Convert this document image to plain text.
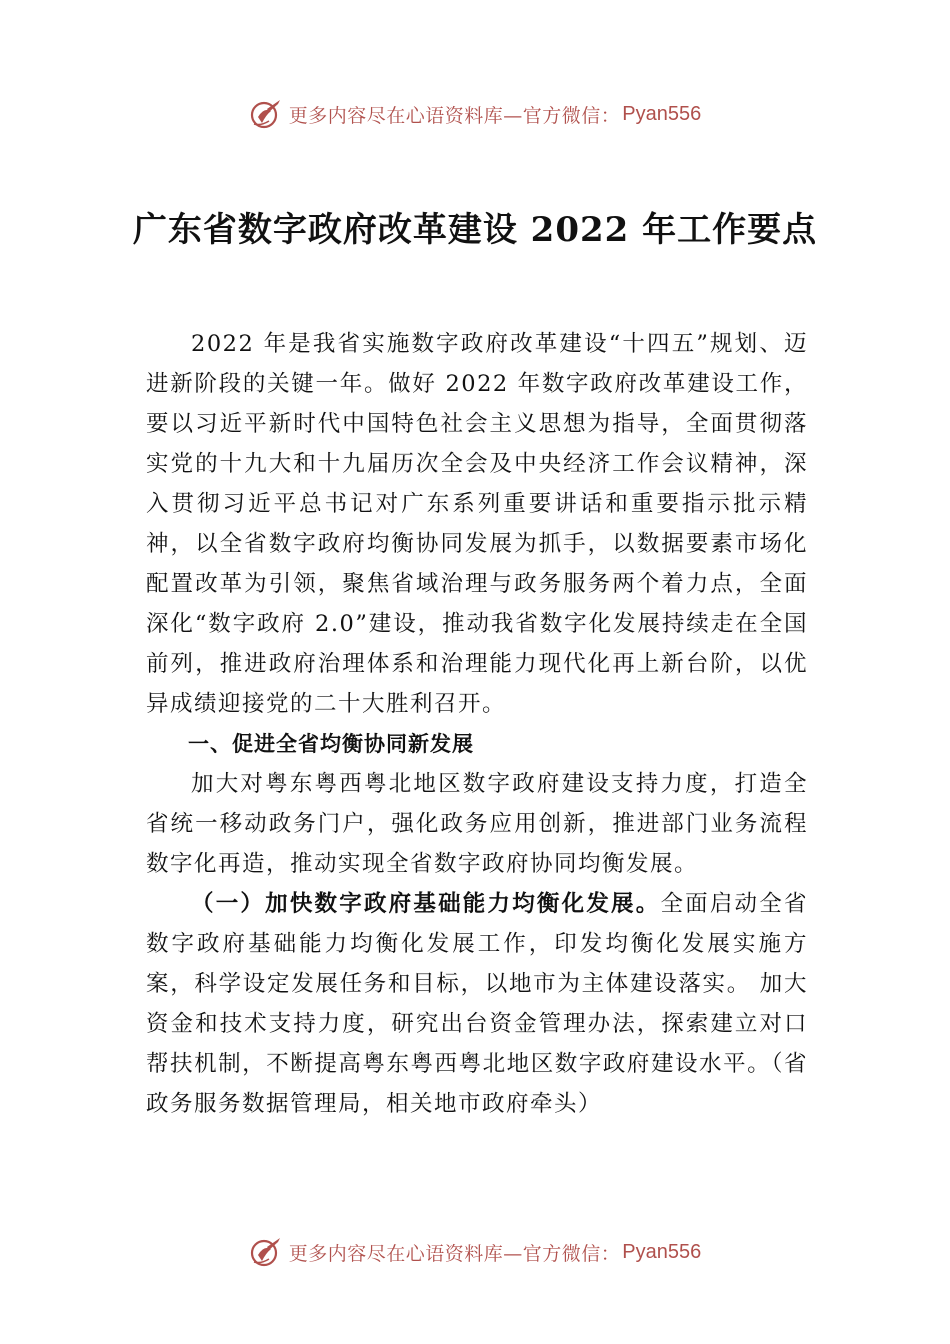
更多内容尽在心语资料库—官方微信： Pyan556
广东省数字政府改革建设 2022 年工作要点

2022 年是我省实施数字政府改革建设“十四五”规划、迈进新阶段的关键一年。做好 2022 年数字政府改革建设工作，要以习近平新时代中国特色社会主义思想为指导，全面贯彻落实党的十九大和十九届历次全会及中央经济工作会议精神，深入贯彻习近平总书记对广东系列重要讲话和重要指示批示精神，以全省数字政府均衡协同发展为抓手，以数据要素市场化配置改革为引领，聚焦省域治理与政务服务两个着力点，全面深化“数字政府 2.0”建设，推动我省数字化发展持续走在全国前列，推进政府治理体系和治理能力现代化再上新台阶，以优异成绩迎接党的二十大胜利召开。

一、促进全省均衡协同新发展

加大对粤东粤西粤北地区数字政府建设支持力度，打造全省统一移动政务门户，强化政务应用创新，推进部门业务流程数字化再造，推动实现全省数字政府协同均衡发展。

（一）加快数字政府基础能力均衡化发展。全面启动全省数字政府基础能力均衡化发展工作，印发均衡化发展实施方案，科学设定发展任务和目标，以地市为主体建设落实。 加大资金和技术支持力度，研究出台资金管理办法，探索建立对口帮扶机制，不断提高粤东粤西粤北地区数字政府建设水平。（省政务服务数据管理局，相关地市政府牵头）

更多内容尽在心语资料库—官方微信： Pyan556
